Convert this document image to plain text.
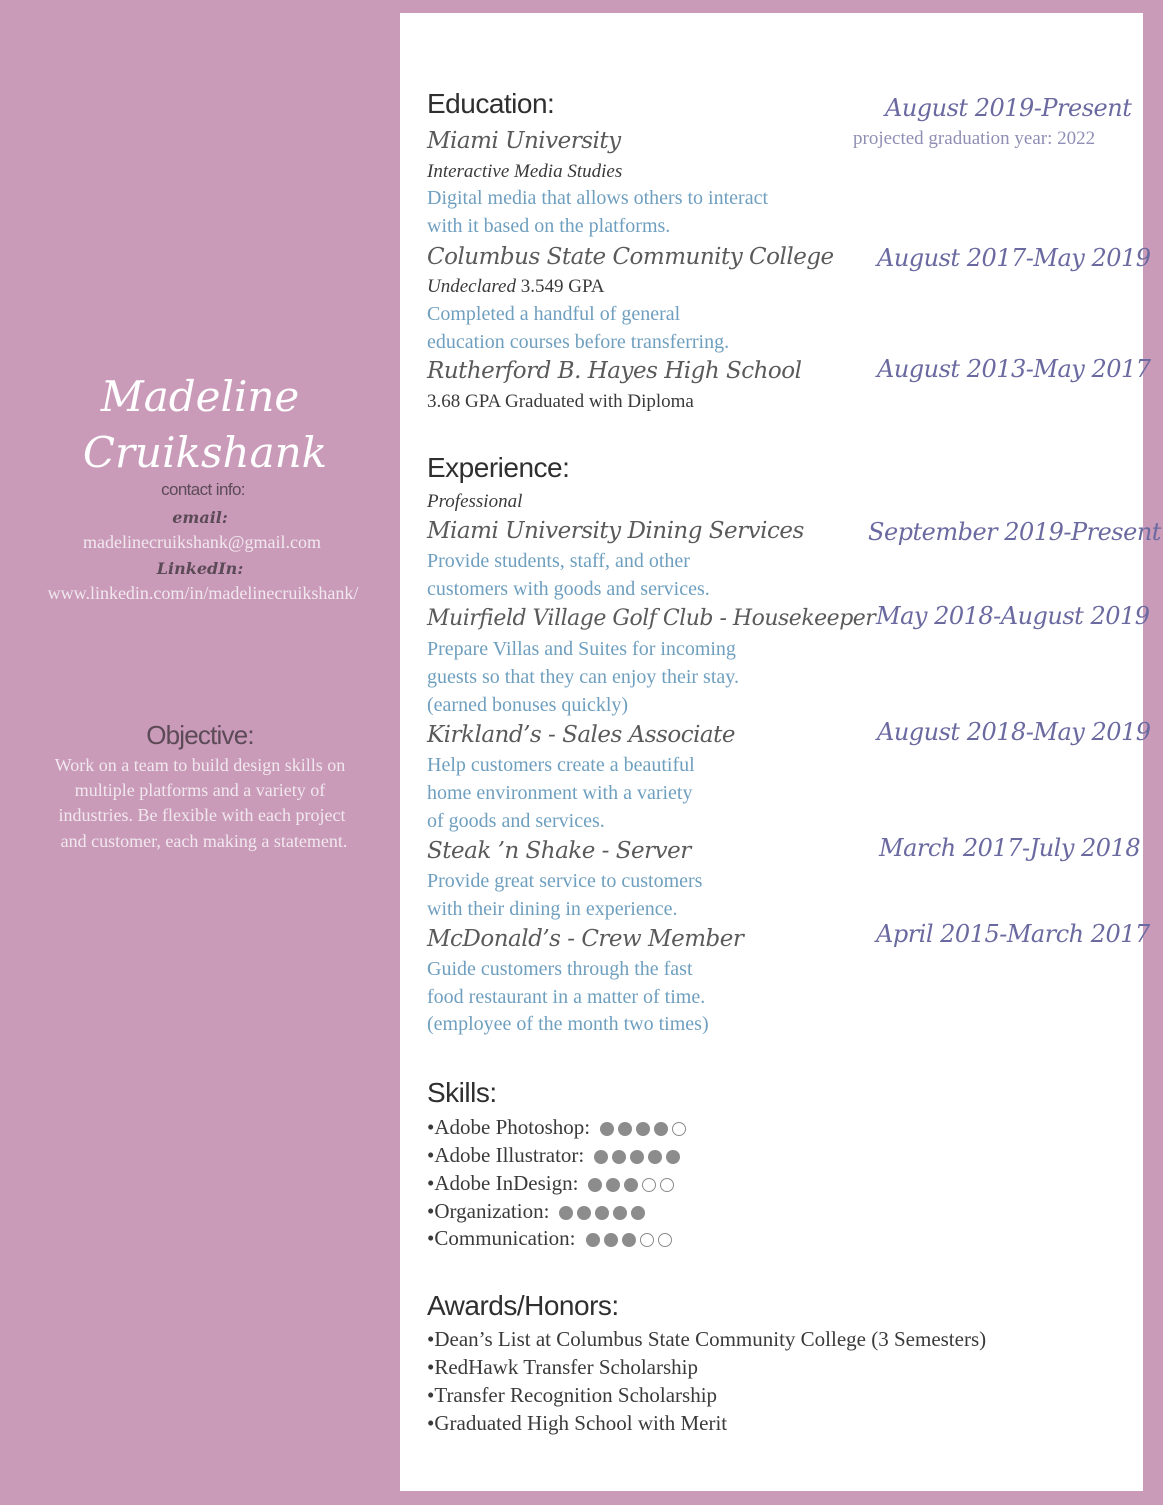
Madeline
Cruikshank
contact info:
email:
madelinecruikshank@gmail.com
LinkedIn:
www.linkedin.com/in/madelinecruikshank/
Objective:
Work on a team to build design skills on
multiple platforms and a variety of
industries. Be flexible with each project
and customer, each making a statement.
Education:
Miami University
Interactive Media Studies
Digital media that allows others to interact
with it based on the platforms.
August 2019-Present
projected graduation year: 2022
Columbus State Community College
Undeclared 3.549 GPA
Completed a handful of general
education courses before transferring.
August 2017-May 2019
Rutherford B. Hayes High School
3.68 GPA Graduated with Diploma
August 2013-May 2017
Experience:
Professional
Miami University Dining Services
Provide students, staff, and other
customers with goods and services.
September 2019-Present
Muirfield Village Golf Club - Housekeeper
Prepare Villas and Suites for incoming
guests so that they can enjoy their stay.
(earned bonuses quickly)
May 2018-August 2019
Kirkland’s - Sales Associate
Help customers create a beautiful
home environment with a variety
of goods and services.
August 2018-May 2019
Steak ’n Shake - Server
Provide great service to customers
with their dining in experience.
March 2017-July 2018
McDonald’s - Crew Member
Guide customers through the fast
food restaurant in a matter of time.
(employee of the month two times)
April 2015-March 2017
Skills:
•Adobe Photoshop:
•Adobe Illustrator:
•Adobe InDesign:
•Organization:
•Communication:
Awards/Honors:
•Dean’s List at Columbus State Community College (3 Semesters)
•RedHawk Transfer Scholarship
•Transfer Recognition Scholarship
•Graduated High School with Merit
